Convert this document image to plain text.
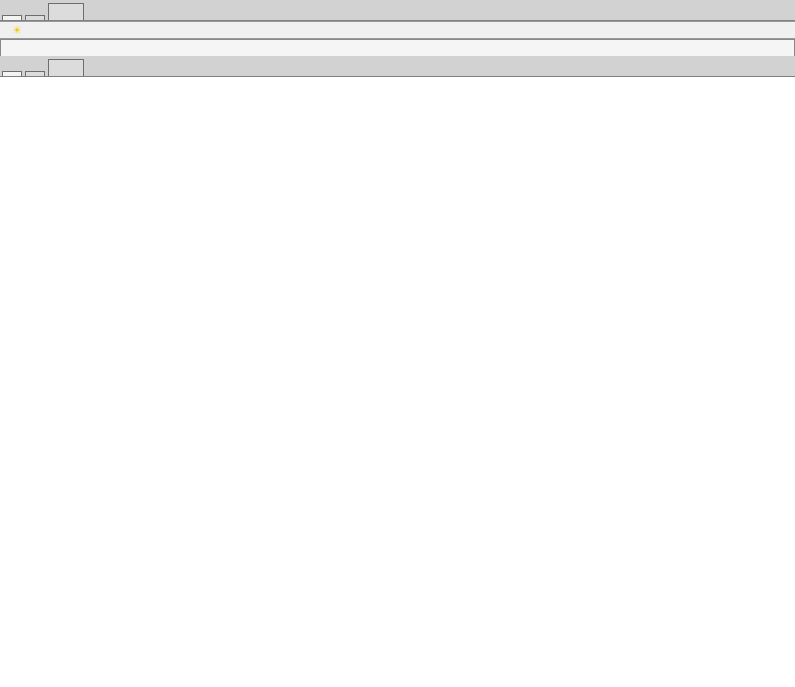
☀
